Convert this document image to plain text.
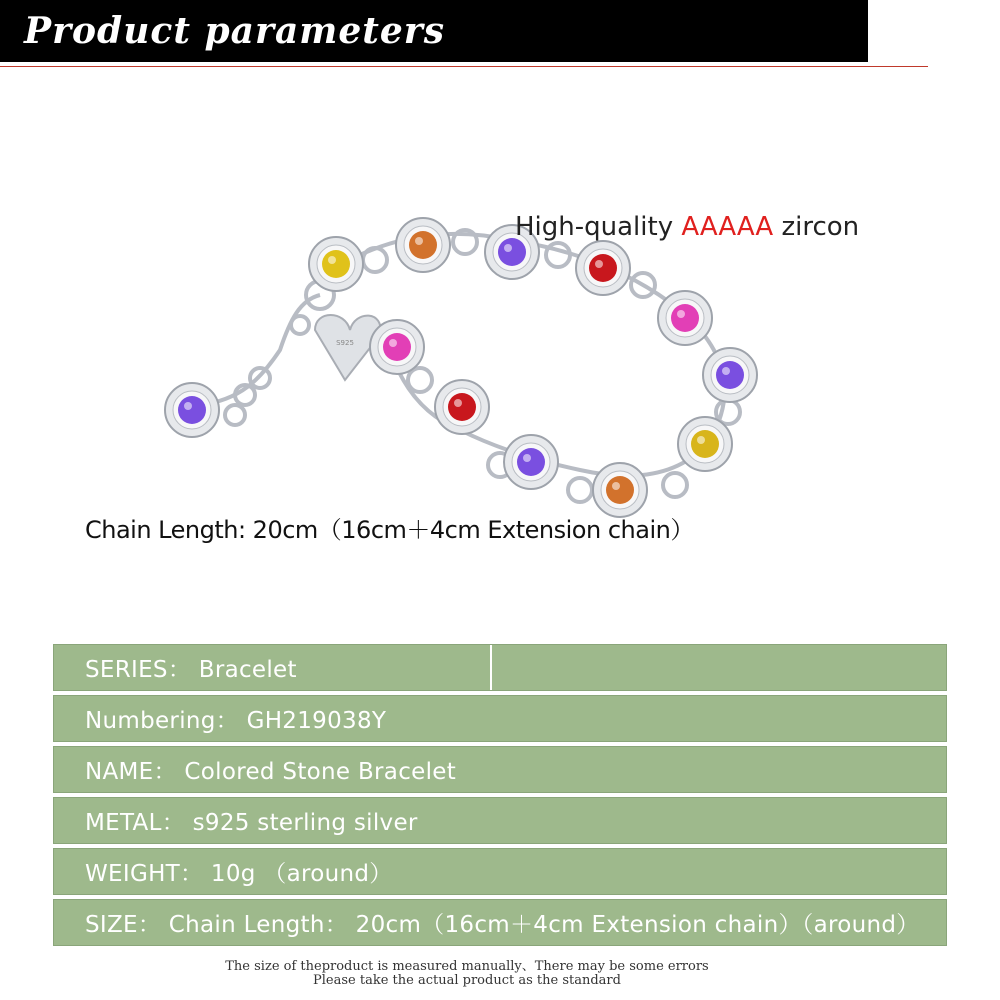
Product parameters
S925
High-quality AAAAA zircon
Chain Length: 20cm（16cm＋4cm Extension chain）
SERIES： Bracelet
Numbering： GH219038Y
NAME： Colored Stone Bracelet
METAL： s925 sterling silver
WEIGHT： 10g （around）
SIZE： Chain Length： 20cm（16cm＋4cm Extension chain）（around）
The size of theproduct is measured manually、There may be some errors
Please take the actual product as the standard
